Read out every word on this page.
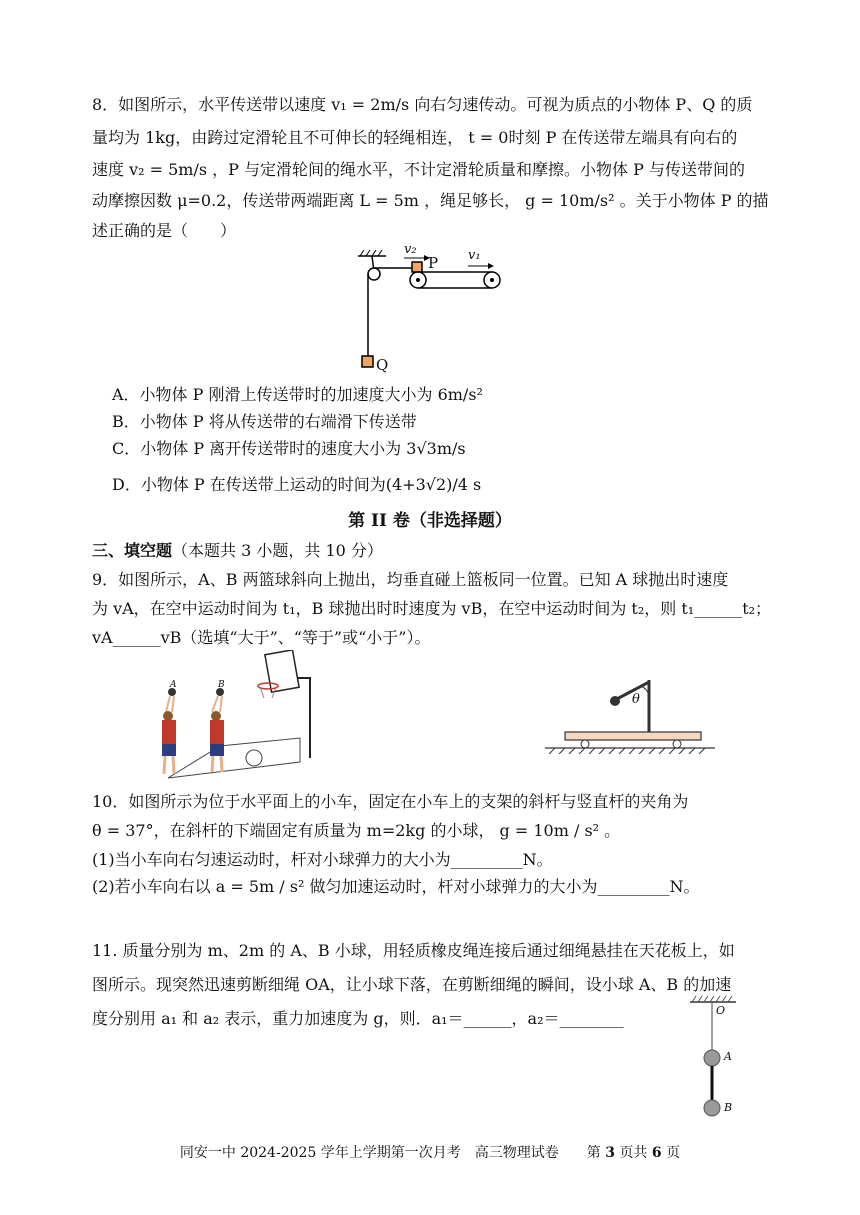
8．如图所示，水平传送带以速度 v₁ = 2m/s 向右匀速传动。可视为质点的小物体 P、Q 的质
量均为 1kg，由跨过定滑轮且不可伸长的轻绳相连， t = 0时刻 P 在传送带左端具有向右的
速度 v₂ = 5m/s ，P 与定滑轮间的绳水平，不计定滑轮质量和摩擦。小物体 P 与传送带间的
动摩擦因数 μ=0.2，传送带两端距离 L = 5m ，绳足够长， g = 10m/s² 。关于小物体 P 的描
述正确的是（　　）
v₂
P v₁
Q
A．小物体 P 刚滑上传送带时的加速度大小为 6m/s²
B．小物体 P 将从传送带的右端滑下传送带
C．小物体 P 离开传送带时的速度大小为 3√3m/s
D．小物体 P 在传送带上运动的时间为(4+3√2)/4 s
第 II 卷（非选择题）
三、填空题（本题共 3 小题，共 10 分）
9．如图所示，A、B 两篮球斜向上抛出，均垂直碰上篮板同一位置。已知 A 球抛出时速度
为 vA，在空中运动时间为 t₁，B 球抛出时时速度为 vB，在空中运动时间为 t₂，则 t₁______t₂；
vA______vB（选填“大于”、“等于”或“小于”）。
A	B
θ
10．如图所示为位于水平面上的小车，固定在小车上的支架的斜杆与竖直杆的夹角为
θ = 37°，在斜杆的下端固定有质量为 m=2kg 的小球， g = 10m / s² 。
(1)当小车向右匀速运动时，杆对小球弹力的大小为_________N。
(2)若小车向右以 a = 5m / s² 做匀加速运动时，杆对小球弹力的大小为_________N。
11. 质量分别为 m、2m 的 A、B 小球，用轻质橡皮绳连接后通过细绳悬挂在天花板上，如
图所示。现突然迅速剪断细绳 OA，让小球下落，在剪断细绳的瞬间，设小球 A、B 的加速
度分别用 a₁ 和 a₂ 表示，重力加速度为 g，则．a₁＝______，a₂＝________	O
A
B
同安一中 2024-2025 学年上学期第一次月考　高三物理试卷　　第 3 页共 6 页
